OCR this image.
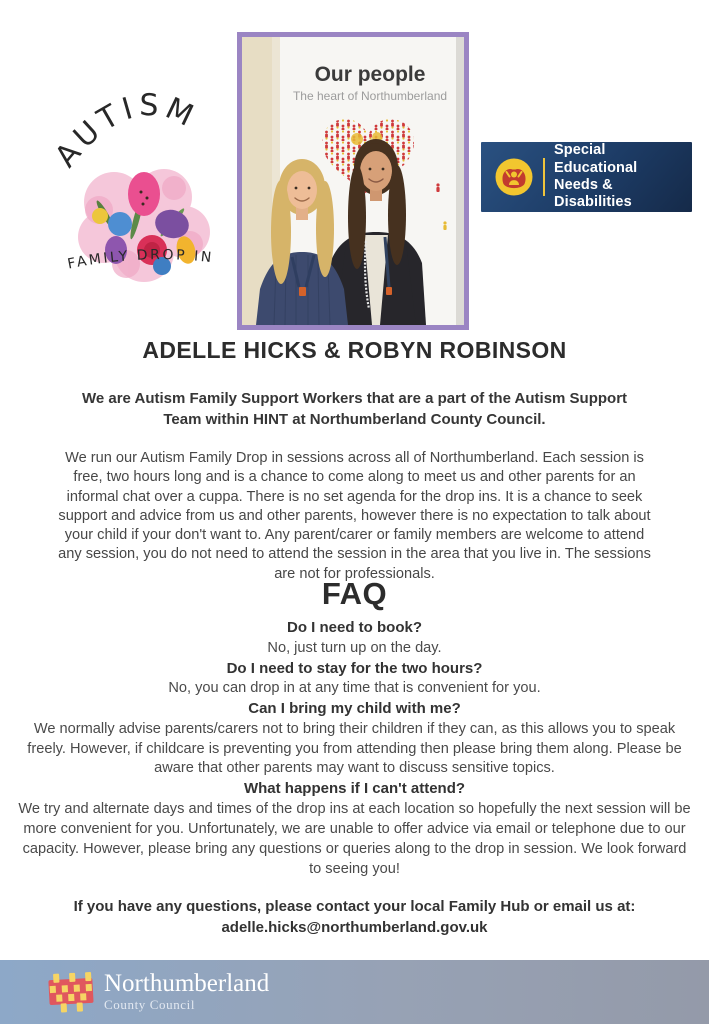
AUTISM
FAMILY DROP IN
Our people
The heart of Northumberland
Special Educational
Needs & Disabilities
ADELLE HICKS & ROBYN ROBINSON
We are Autism Family Support Workers that are a part of the Autism Support Team within HINT at Northumberland County Council.
We run our Autism Family Drop in sessions across all of Northumberland. Each session is free, two hours long and is a chance to come along to meet us and other parents for an informal chat over a cuppa. There is no set agenda for the drop ins. It is a chance to seek support and advice from us and other parents, however there is no expectation to talk about your child if your don't want to. Any parent/carer or family members are welcome to attend any session, you do not need to attend the session in the area that you live in. The sessions are not for professionals.
FAQ

Do I need to book?

No, just turn up on the day.

Do I need to stay for the two hours?

No, you can drop in at any time that is convenient for you.

Can I bring my child with me?

We normally advise parents/carers not to bring their children if they can, as this allows you to speak freely. However, if childcare is preventing you from attending then please bring them along. Please be aware that other parents may want to discuss sensitive topics.

What happens if I can't attend?

We try and alternate days and times of the drop ins at each location so hopefully the next session will be more convenient for you. Unfortunately, we are unable to offer advice via email or telephone due to our capacity. However, please bring any questions or queries along to the drop in session. We look forward to seeing you!

If you have any questions, please contact your local Family Hub or email us at:

adelle.hicks@northumberland.gov.uk

Northumberland
County Council
